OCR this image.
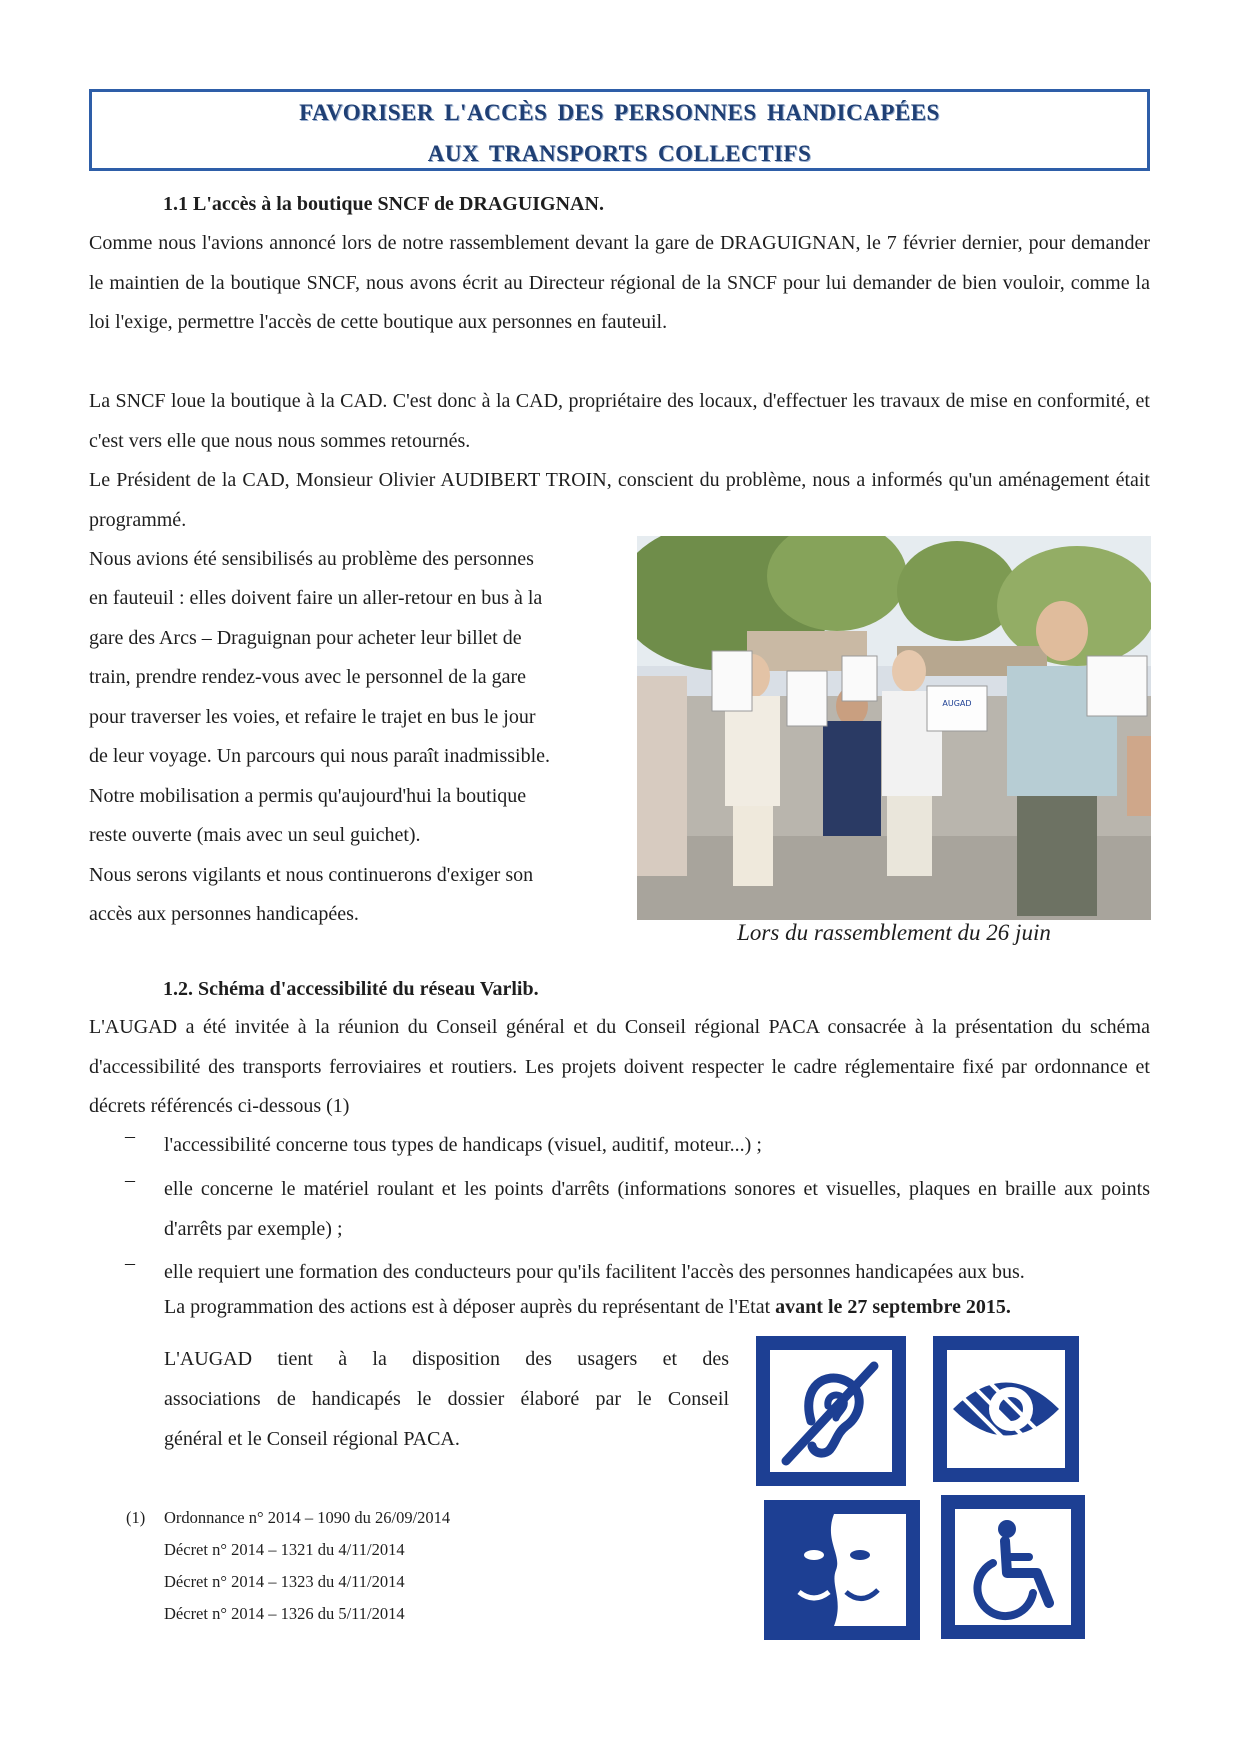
FAVORISER L'ACCÈS DES PERSONNES HANDICAPÉES
AUX TRANSPORTS COLLECTIFS
1.1 L'accès à la boutique SNCF de DRAGUIGNAN.

Comme nous l'avions annoncé lors de notre rassemblement devant la gare de DRAGUIGNAN, le 7 février dernier, pour demander le maintien de la boutique SNCF, nous avons écrit au Directeur régional de la SNCF pour lui demander de bien vouloir, comme la loi l'exige, permettre l'accès de cette boutique aux personnes en fauteuil.

La SNCF loue la boutique à la CAD. C'est donc à la CAD, propriétaire des locaux, d'effectuer les travaux de mise en conformité, et c'est vers elle que nous nous sommes retournés.

Le Président de la CAD, Monsieur Olivier AUDIBERT TROIN, conscient du problème, nous a informés qu'un aménagement était programmé.

Nous avions été sensibilisés au problème des personnes
en fauteuil : elles doivent faire un aller-retour en bus à la
gare des Arcs – Draguignan pour acheter leur billet de
train, prendre rendez-vous avec le personnel de la gare
pour traverser les voies, et refaire le trajet en bus le jour
de leur voyage. Un parcours qui nous paraît inadmissible.
Notre mobilisation a permis qu'aujourd'hui la boutique
reste ouverte (mais avec un seul guichet).
Nous serons vigilants et nous continuerons d'exiger son
accès aux personnes handicapées.
AUGAD
Lors du rassemblement du 26 juin
1.2. Schéma d'accessibilité du réseau Varlib.

L'AUGAD a été invitée à la réunion du Conseil général et du Conseil régional PACA consacrée à la présentation du schéma d'accessibilité des transports ferroviaires et routiers. Les projets doivent respecter le cadre réglementaire fixé par ordonnance et décrets référencés ci-dessous (1)

– l'accessibilité concerne tous types de handicaps (visuel, auditif, moteur...) ;

– elle concerne le matériel roulant et les points d'arrêts (informations sonores et visuelles, plaques en braille aux points d'arrêts par exemple) ;

– elle requiert une formation des conducteurs pour qu'ils facilitent l'accès des personnes handicapées aux bus.

La programmation des actions est à déposer auprès du représentant de l'Etat avant le 27 septembre 2015.

L'AUGAD tient à la disposition des usagers et des

associations de handicapés le dossier élaboré par le Conseil

général et le Conseil régional PACA.
(1) Ordonnance n° 2014 – 1090 du 26/09/2014
Décret n° 2014 – 1321 du 4/11/2014
Décret n° 2014 – 1323 du 4/11/2014
Décret n° 2014 – 1326 du 5/11/2014
